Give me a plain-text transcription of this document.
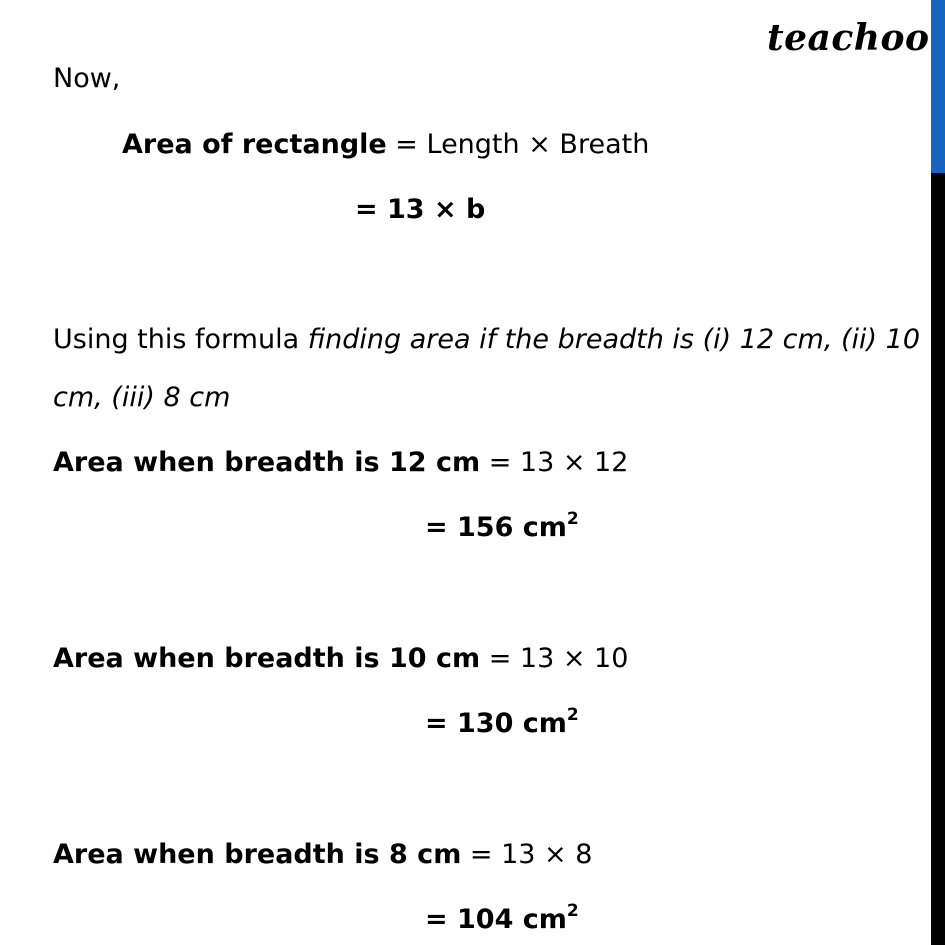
teachoo
Now,
Area of rectangle = Length × Breath
= 13 × b
Using this formula finding area if the breadth is (i) 12 cm, (ii) 10
cm, (iii) 8 cm
Area when breadth is 12 cm = 13 × 12
= 156 $cm^2$
Area when breadth is 10 cm = 13 × 10
= 130 $cm^2$
Area when breadth is 8 cm = 13 × 8
= 104 $cm^2$
